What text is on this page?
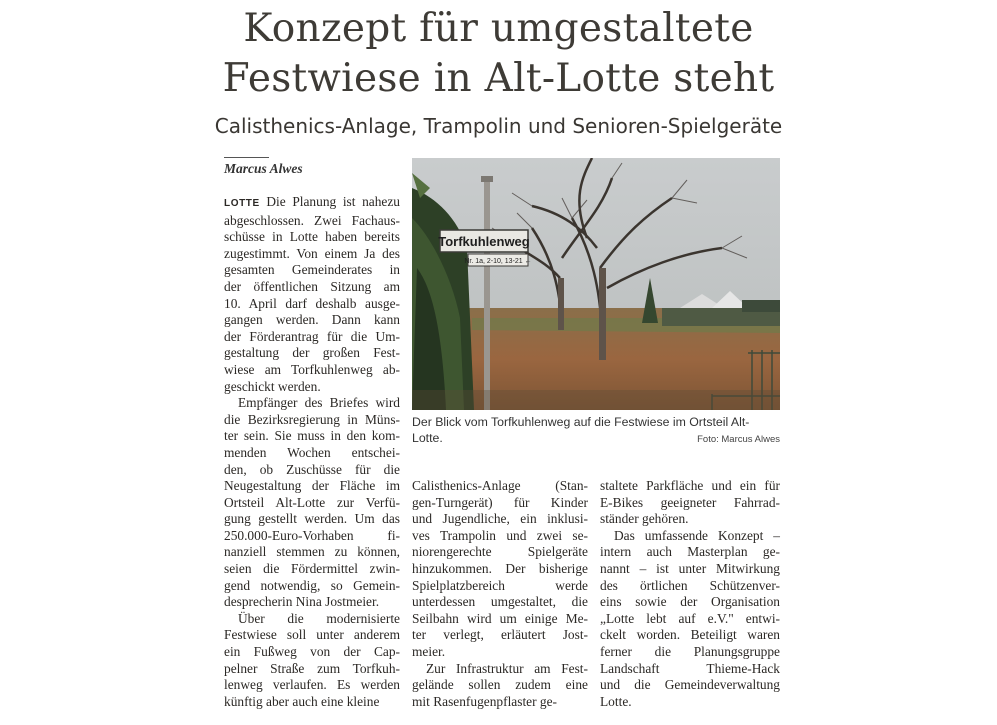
Konzept für umgestaltete
Festwiese in Alt-Lotte steht
Calisthenics-Anlage, Trampolin und Senioren-Spielgeräte
Marcus Alwes
LOTTE Die Planung ist nahezu
abgeschlossen. Zwei Fachaus-
schüsse in Lotte haben bereits
zugestimmt. Von einem Ja des
gesamten Gemeinderates in
der öffentlichen Sitzung am
10. April darf deshalb ausge-
gangen werden. Dann kann
der Förderantrag für die Um-
gestaltung der großen Fest-
wiese am Torfkuhlenweg ab-
geschickt werden.
Empfänger des Briefes wird
die Bezirksregierung in Müns-
ter sein. Sie muss in den kom-
menden Wochen entschei-
den, ob Zuschüsse für die
Neugestaltung der Fläche im
Ortsteil Alt-Lotte zur Verfü-
gung gestellt werden. Um das
250.000-Euro-Vorhaben fi-
nanziell stemmen zu können,
seien die Fördermittel zwin-
gend notwendig, so Gemein-
desprecherin Nina Jostmeier.
Über die modernisierte
Festwiese soll unter anderem
ein Fußweg von der Cap-
pelner Straße zum Torfkuh-
lenweg verlaufen. Es werden
künftig aber auch eine kleine
Calisthenics-Anlage (Stan-
gen-Turngerät) für Kinder
und Jugendliche, ein inklusi-
ves Trampolin und zwei se-
niorengerechte Spielgeräte
hinzukommen. Der bisherige
Spielplatzbereich werde
unterdessen umgestaltet, die
Seilbahn wird um einige Me-
ter verlegt, erläutert Jost-
meier.
Zur Infrastruktur am Fest-
gelände sollen zudem eine
mit Rasenfugenpflaster ge-
staltete Parkfläche und ein für
E-Bikes geeigneter Fahrrad-
ständer gehören.
Das umfassende Konzept –
intern auch Masterplan ge-
nannt – ist unter Mitwirkung
des örtlichen Schützenver-
eins sowie der Organisation
„Lotte lebt auf e.V." entwi-
ckelt worden. Beteiligt waren
ferner die Planungsgruppe
Landschaft Thieme-Hack
und die Gemeindeverwaltung
Lotte.
Torfkuhlenweg
Nr. 1a, 2-10, 13-21 ←
Der Blick vom Torfkuhlenweg auf die Festwiese im Ortsteil Alt-
Lotte.	Foto: Marcus Alwes
